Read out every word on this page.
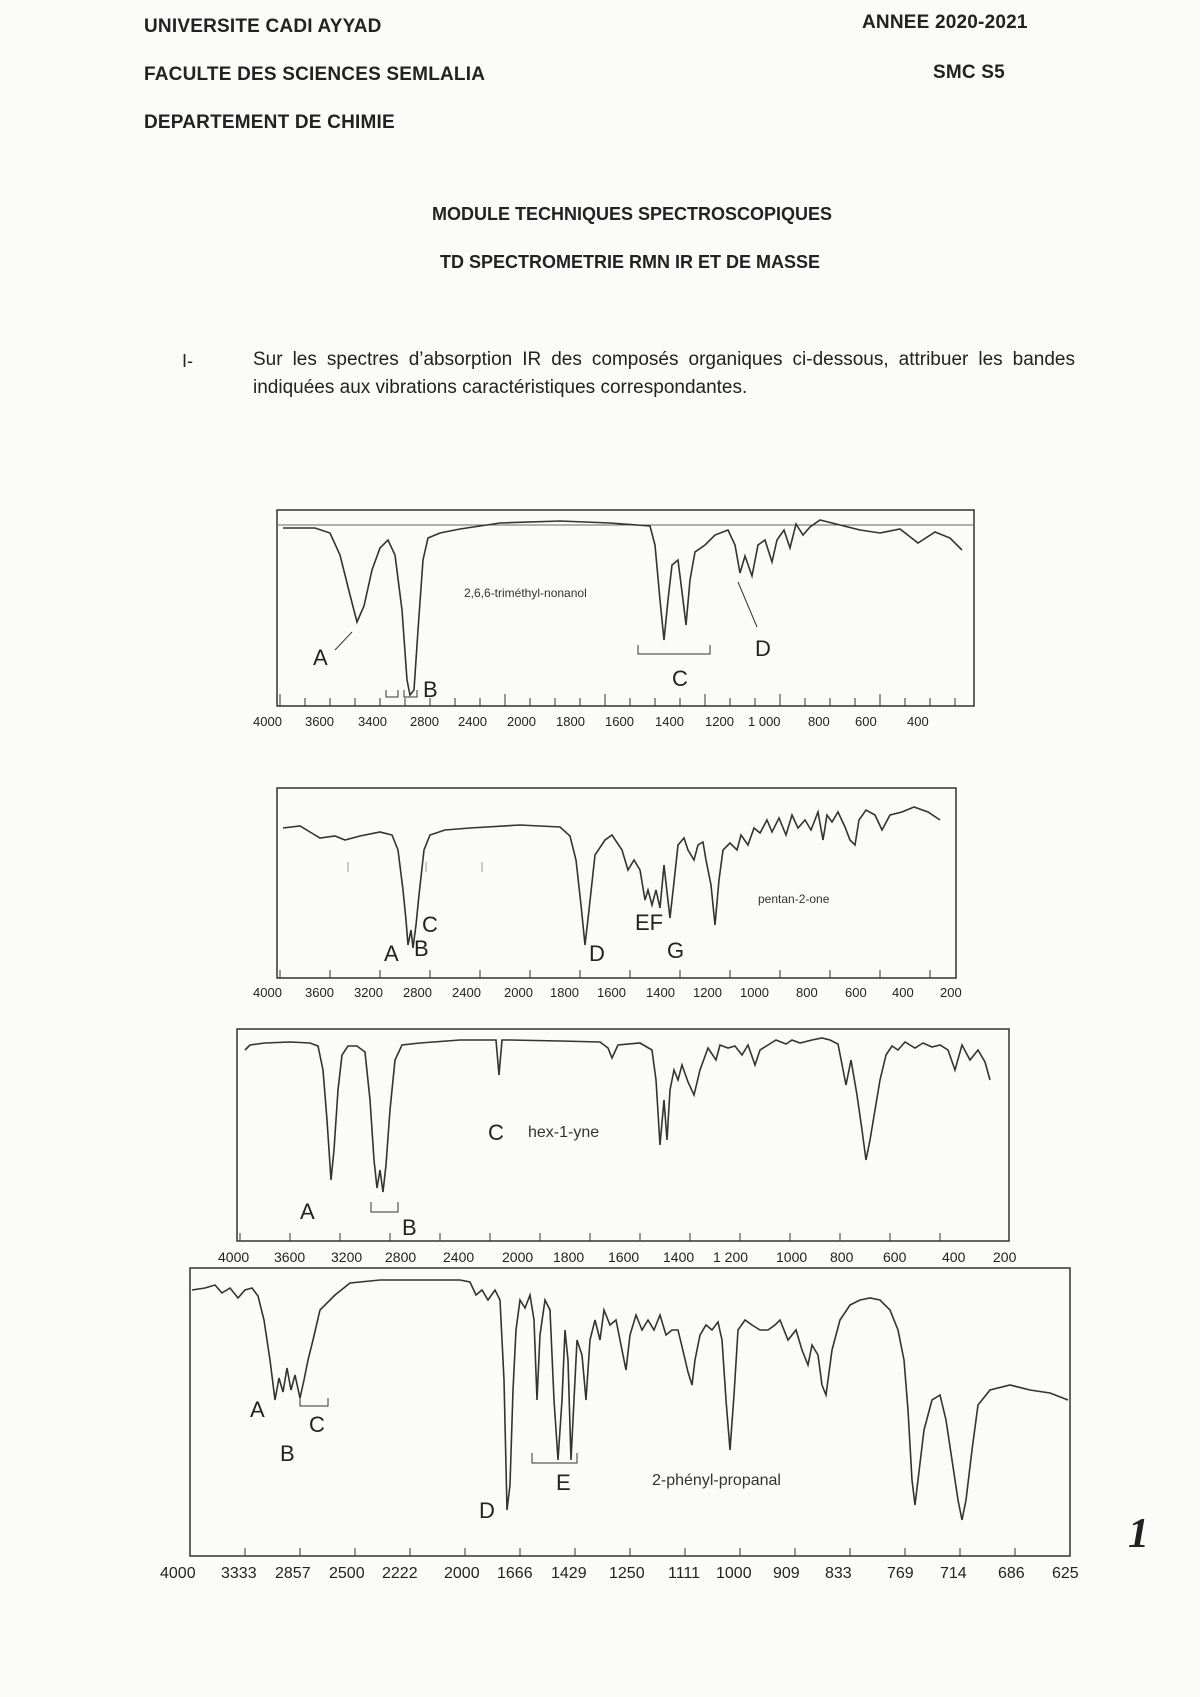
UNIVERSITE CADI AYYAD
FACULTE DES SCIENCES SEMLALIA
DEPARTEMENT DE CHIMIE
ANNEE 2020-2021
SMC S5
MODULE TECHNIQUES SPECTROSCOPIQUES
TD SPECTROMETRIE RMN IR ET DE MASSE
I-	Sur les spectres d’absorption IR des composés organiques ci-dessous, attribuer les bandes indiquées aux vibrations caractéristiques correspondantes.
2,6,6-triméthyl-nonanol
A
B	C
D
4000 3600 3400 2800 2400 2000 1800 1600 1400 1200 1 000 800 600 400
pentan-2-one
A B
C
D
EF
G
4000 3600 3200 2800 2400 2000 1800 1600 1400 1200 1000 800 600 400 200
A
B
C hex-1-yne
4000 3600 3200 2800 2400 2000 1800 1600 1400 1 200 1000 800 600	400 200
A
B
C
D
E	2-phényl-propanal
4000 3333 2857 2500 2222 2000 1666 1429 1250 1111 1000 909 833 769 714 686 625
1
